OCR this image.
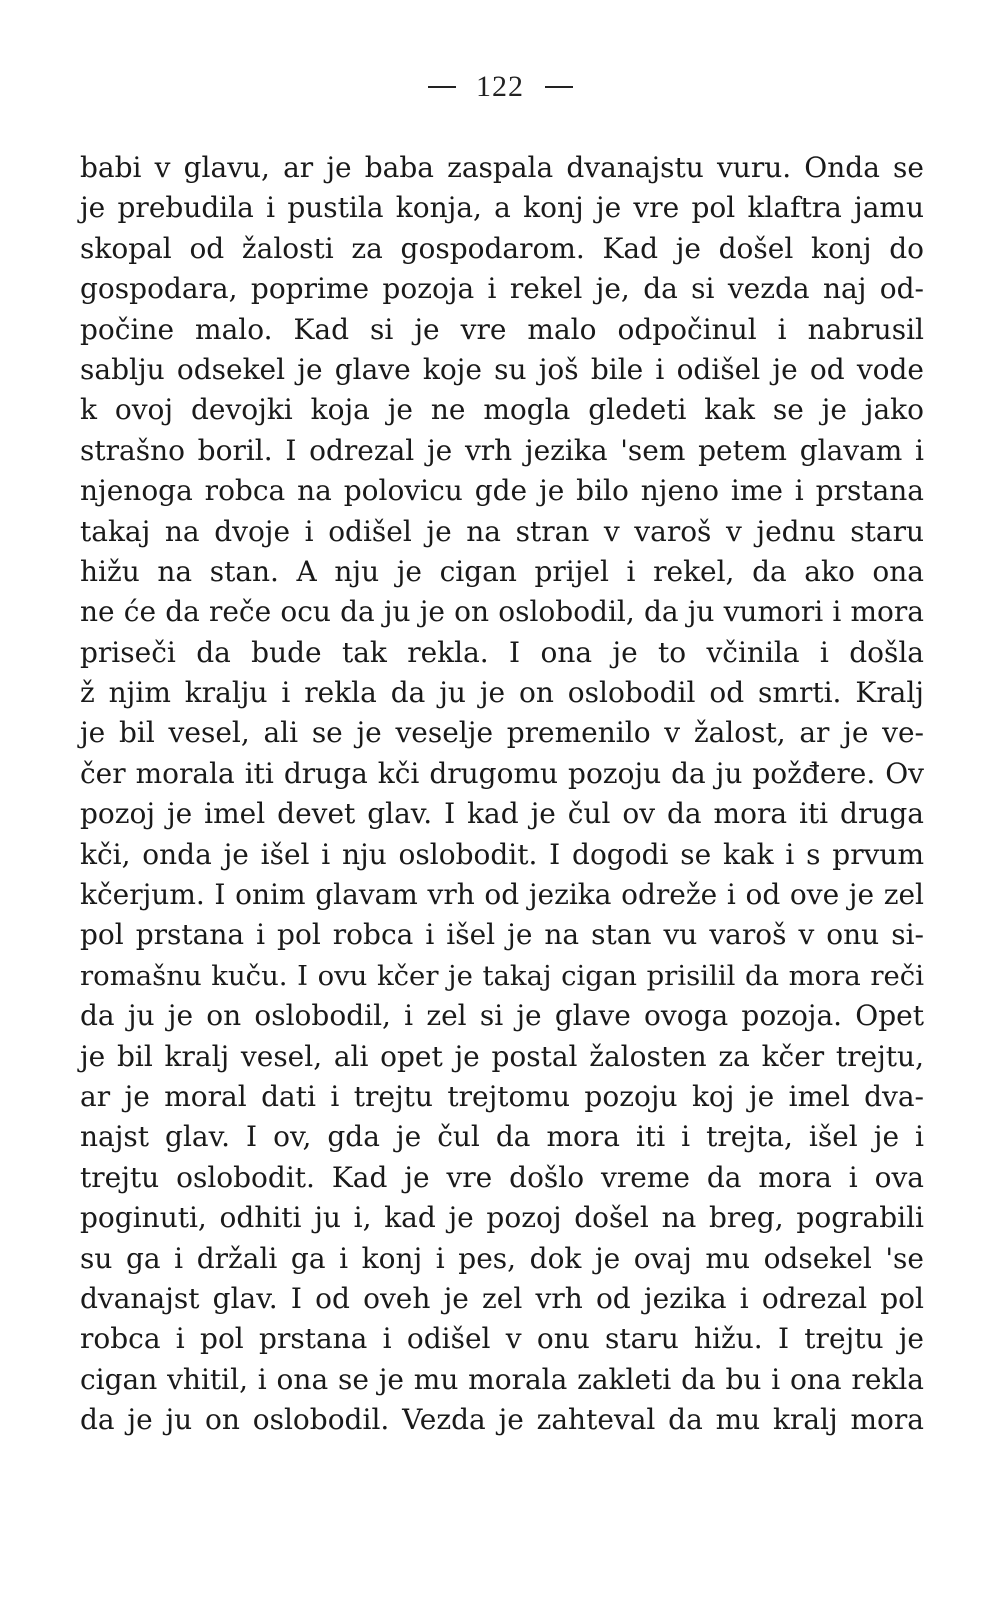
122
babi v glavu, ar je baba zaspala dvanajstu vuru. Onda se
je prebudila i pustila konja, a konj je vre pol klaftra jamu
skopal od žalosti za gospodarom. Kad je došel konj do
gospodara, poprime pozoja i rekel je, da si vezda naj od-
počine malo. Kad si je vre malo odpočinul i nabrusil
sablju odsekel je glave koje su još bile i odišel je od vode
k ovoj devojki koja je ne mogla gledeti kak se je jako
strašno boril. I odrezal je vrh jezika 'sem petem glavam i
njenoga robca na polovicu gde je bilo njeno ime i prstana
takaj na dvoje i odišel je na stran v varoš v jednu staru
hižu na stan. A nju je cigan prijel i rekel, da ako ona
ne će da reče ocu da ju je on oslobodil, da ju vumori i mora
priseči da bude tak rekla. I ona je to včinila i došla
ž njim kralju i rekla da ju je on oslobodil od smrti. Kralj
je bil vesel, ali se je veselje premenilo v žalost, ar je ve-
čer morala iti druga kči drugomu pozoju da ju požđere. Ov
pozoj je imel devet glav. I kad je čul ov da mora iti druga
kči, onda je išel i nju oslobodit. I dogodi se kak i s prvum
kčerjum. I onim glavam vrh od jezika odreže i od ove je zel
pol prstana i pol robca i išel je na stan vu varoš v onu si-
romašnu kuču. I ovu kčer je takaj cigan prisilil da mora reči
da ju je on oslobodil, i zel si je glave ovoga pozoja. Opet
je bil kralj vesel, ali opet je postal žalosten za kčer trejtu,
ar je moral dati i trejtu trejtomu pozoju koj je imel dva-
najst glav. I ov, gda je čul da mora iti i trejta, išel je i
trejtu oslobodit. Kad je vre došlo vreme da mora i ova
poginuti, odhiti ju i, kad je pozoj došel na breg, pograbili
su ga i držali ga i konj i pes, dok je ovaj mu odsekel 'se
dvanajst glav. I od oveh je zel vrh od jezika i odrezal pol
robca i pol prstana i odišel v onu staru hižu. I trejtu je
cigan vhitil, i ona se je mu morala zakleti da bu i ona rekla
da je ju on oslobodil. Vezda je zahteval da mu kralj mora
